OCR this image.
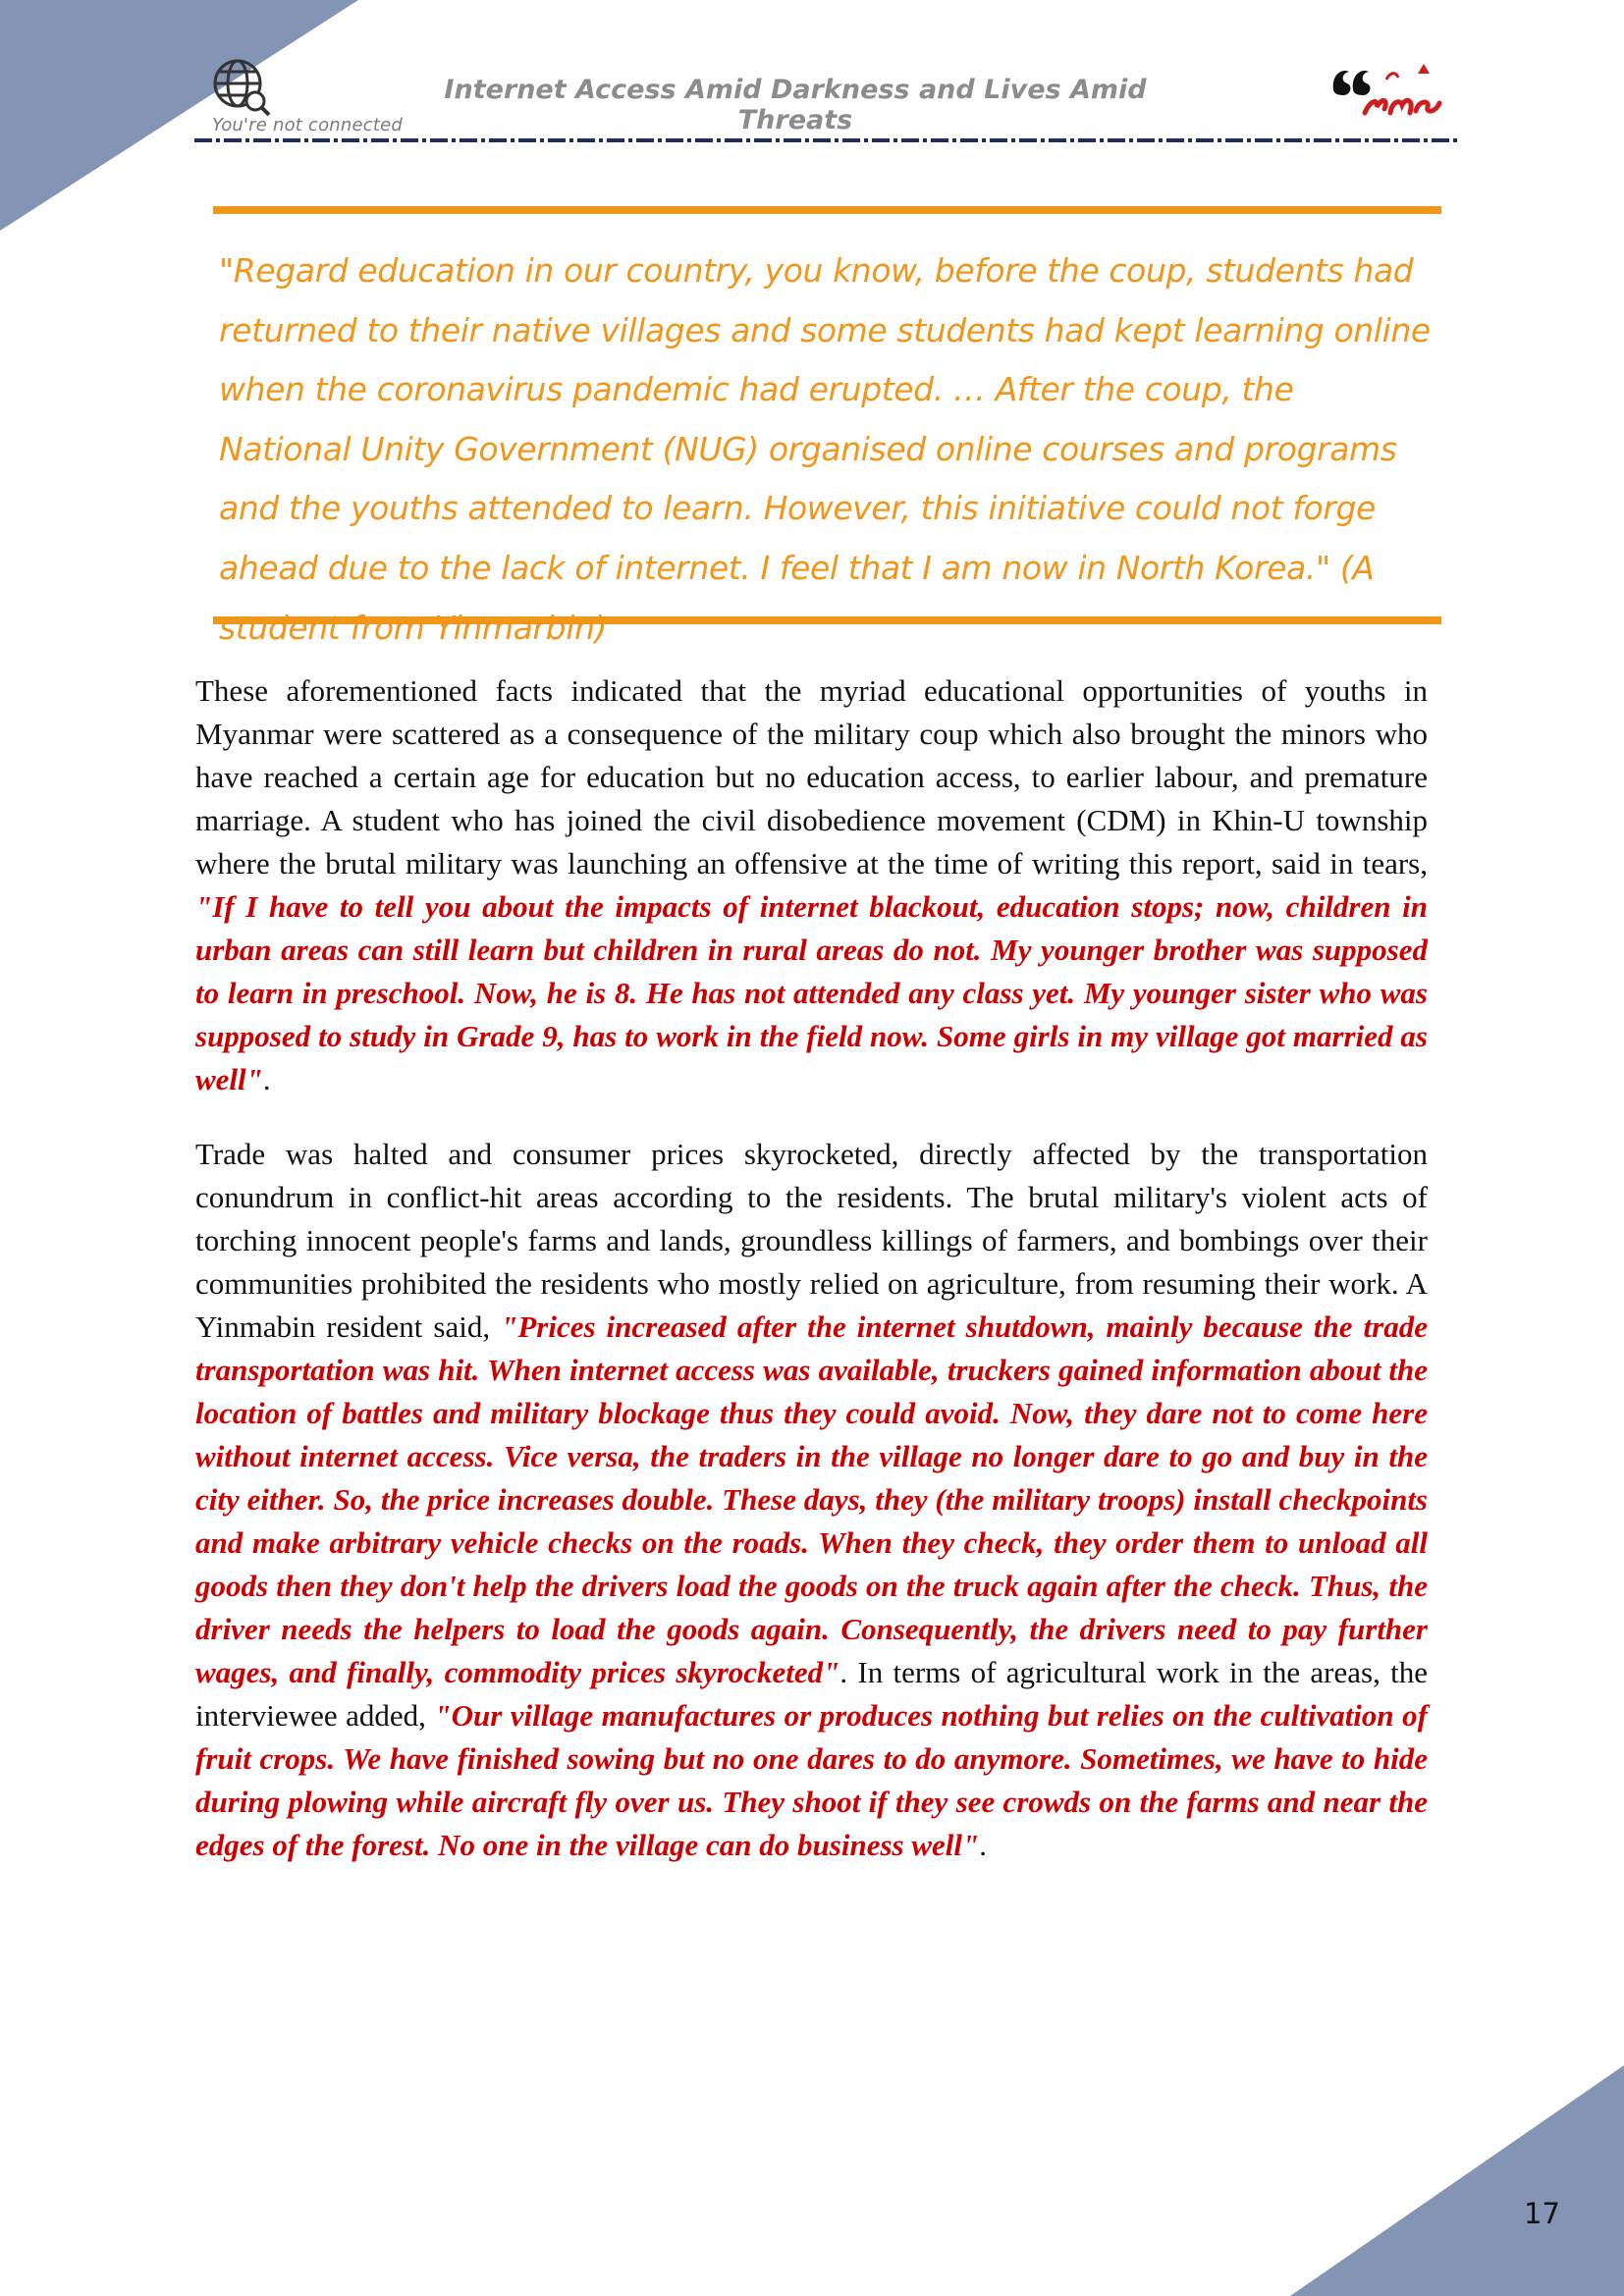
You're not connected
Internet Access Amid Darkness and Lives Amid Threats

"Regard education in our country, you know, before the coup, students had returned to their native villages and some students had kept learning online when the coronavirus pandemic had erupted. … After the coup, the National Unity Government (NUG) organised online courses and programs and the youths attended to learn. However, this initiative could not forge ahead due to the lack of internet. I feel that I am now in North Korea." (A student from Yinmarbin)

These aforementioned facts indicated that the myriad educational opportunities of youths in Myanmar were scattered as a consequence of the military coup which also brought the minors who have reached a certain age for education but no education access, to earlier labour, and premature marriage. A student who has joined the civil disobedience movement (CDM) in Khin-U township where the brutal military was launching an offensive at the time of writing this report, said in tears, "If I have to tell you about the impacts of internet blackout, education stops; now, children in urban areas can still learn but children in rural areas do not. My younger brother was supposed to learn in preschool. Now, he is 8. He has not attended any class yet. My younger sister who was supposed to study in Grade 9, has to work in the field now. Some girls in my village got married as well".

Trade was halted and consumer prices skyrocketed, directly affected by the transportation conundrum in conflict-hit areas according to the residents. The brutal military's violent acts of torching innocent people's farms and lands, groundless killings of farmers, and bombings over their communities prohibited the residents who mostly relied on agriculture, from resuming their work. A Yinmabin resident said, "Prices increased after the internet shutdown, mainly because the trade transportation was hit. When internet access was available, truckers gained information about the location of battles and military blockage thus they could avoid. Now, they dare not to come here without internet access. Vice versa, the traders in the village no longer dare to go and buy in the city either. So, the price increases double. These days, they (the military troops) install checkpoints and make arbitrary vehicle checks on the roads. When they check, they order them to unload all goods then they don't help the drivers load the goods on the truck again after the check. Thus, the driver needs the helpers to load the goods again. Consequently, the drivers need to pay further wages, and finally, commodity prices skyrocketed". In terms of agricultural work in the areas, the interviewee added, "Our village manufactures or produces nothing but relies on the cultivation of fruit crops. We have finished sowing but no one dares to do anymore. Sometimes, we have to hide during plowing while aircraft fly over us. They shoot if they see crowds on the farms and near the edges of the forest. No one in the village can do business well".

17
